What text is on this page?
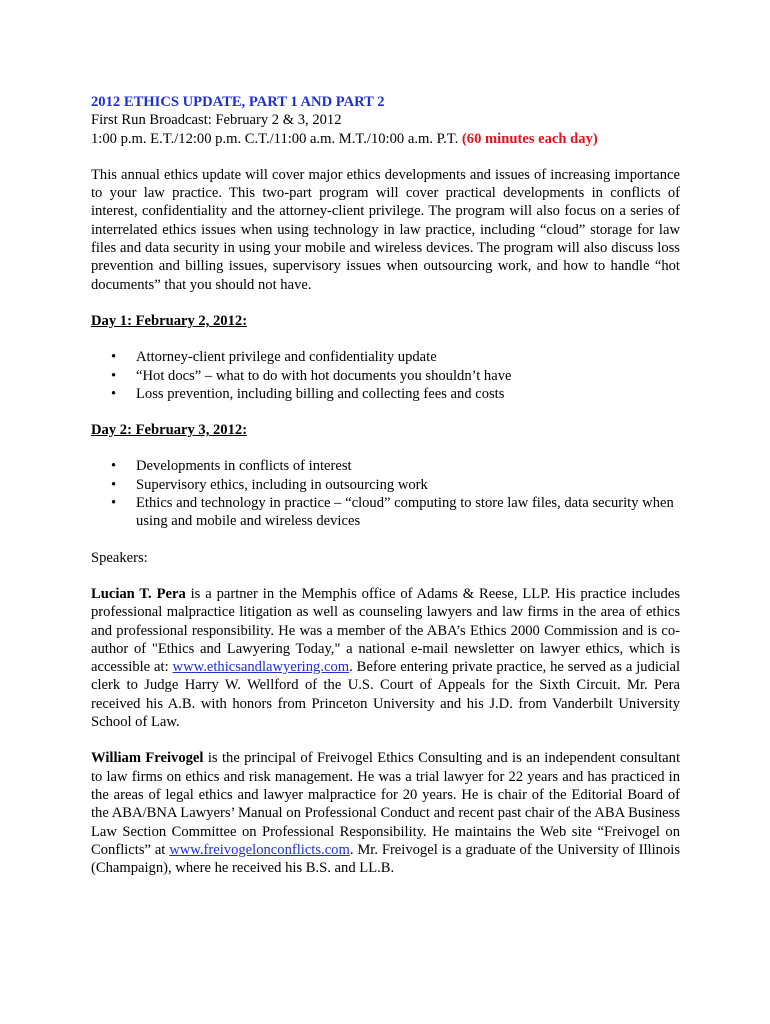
2012 ETHICS UPDATE, PART 1 AND PART 2

First Run Broadcast: February 2 & 3, 2012

1:00 p.m. E.T./12:00 p.m. C.T./11:00 a.m. M.T./10:00 a.m. P.T. (60 minutes each day)

This annual ethics update will cover major ethics developments and issues of increasing importance to your law practice. This two-part program will cover practical developments in conflicts of interest, confidentiality and the attorney-client privilege. The program will also focus on a series of interrelated ethics issues when using technology in law practice, including “cloud” storage for law files and data security in using your mobile and wireless devices. The program will also discuss loss prevention and billing issues, supervisory issues when outsourcing work, and how to handle “hot documents” that you should not have.

Day 1: February 2, 2012:

• Attorney-client privilege and confidentiality update
• “Hot docs” – what to do with hot documents you shouldn’t have
• Loss prevention, including billing and collecting fees and costs

Day 2: February 3, 2012:

• Developments in conflicts of interest
• Supervisory ethics, including in outsourcing work
• Ethics and technology in practice – “cloud” computing to store law files, data security when using and mobile and wireless devices

Speakers:

Lucian T. Pera is a partner in the Memphis office of Adams & Reese, LLP. His practice includes professional malpractice litigation as well as counseling lawyers and law firms in the area of ethics and professional responsibility. He was a member of the ABA’s Ethics 2000 Commission and is co-author of "Ethics and Lawyering Today," a national e-mail newsletter on lawyer ethics, which is accessible at: www.ethicsandlawyering.com. Before entering private practice, he served as a judicial clerk to Judge Harry W. Wellford of the U.S. Court of Appeals for the Sixth Circuit. Mr. Pera received his A.B. with honors from Princeton University and his J.D. from Vanderbilt University School of Law.

William Freivogel is the principal of Freivogel Ethics Consulting and is an independent consultant to law firms on ethics and risk management. He was a trial lawyer for 22 years and has practiced in the areas of legal ethics and lawyer malpractice for 20 years. He is chair of the Editorial Board of the ABA/BNA Lawyers’ Manual on Professional Conduct and recent past chair of the ABA Business Law Section Committee on Professional Responsibility. He maintains the Web site “Freivogel on Conflicts” at www.freivogelonconflicts.com. Mr. Freivogel is a graduate of the University of Illinois (Champaign), where he received his B.S. and LL.B.
